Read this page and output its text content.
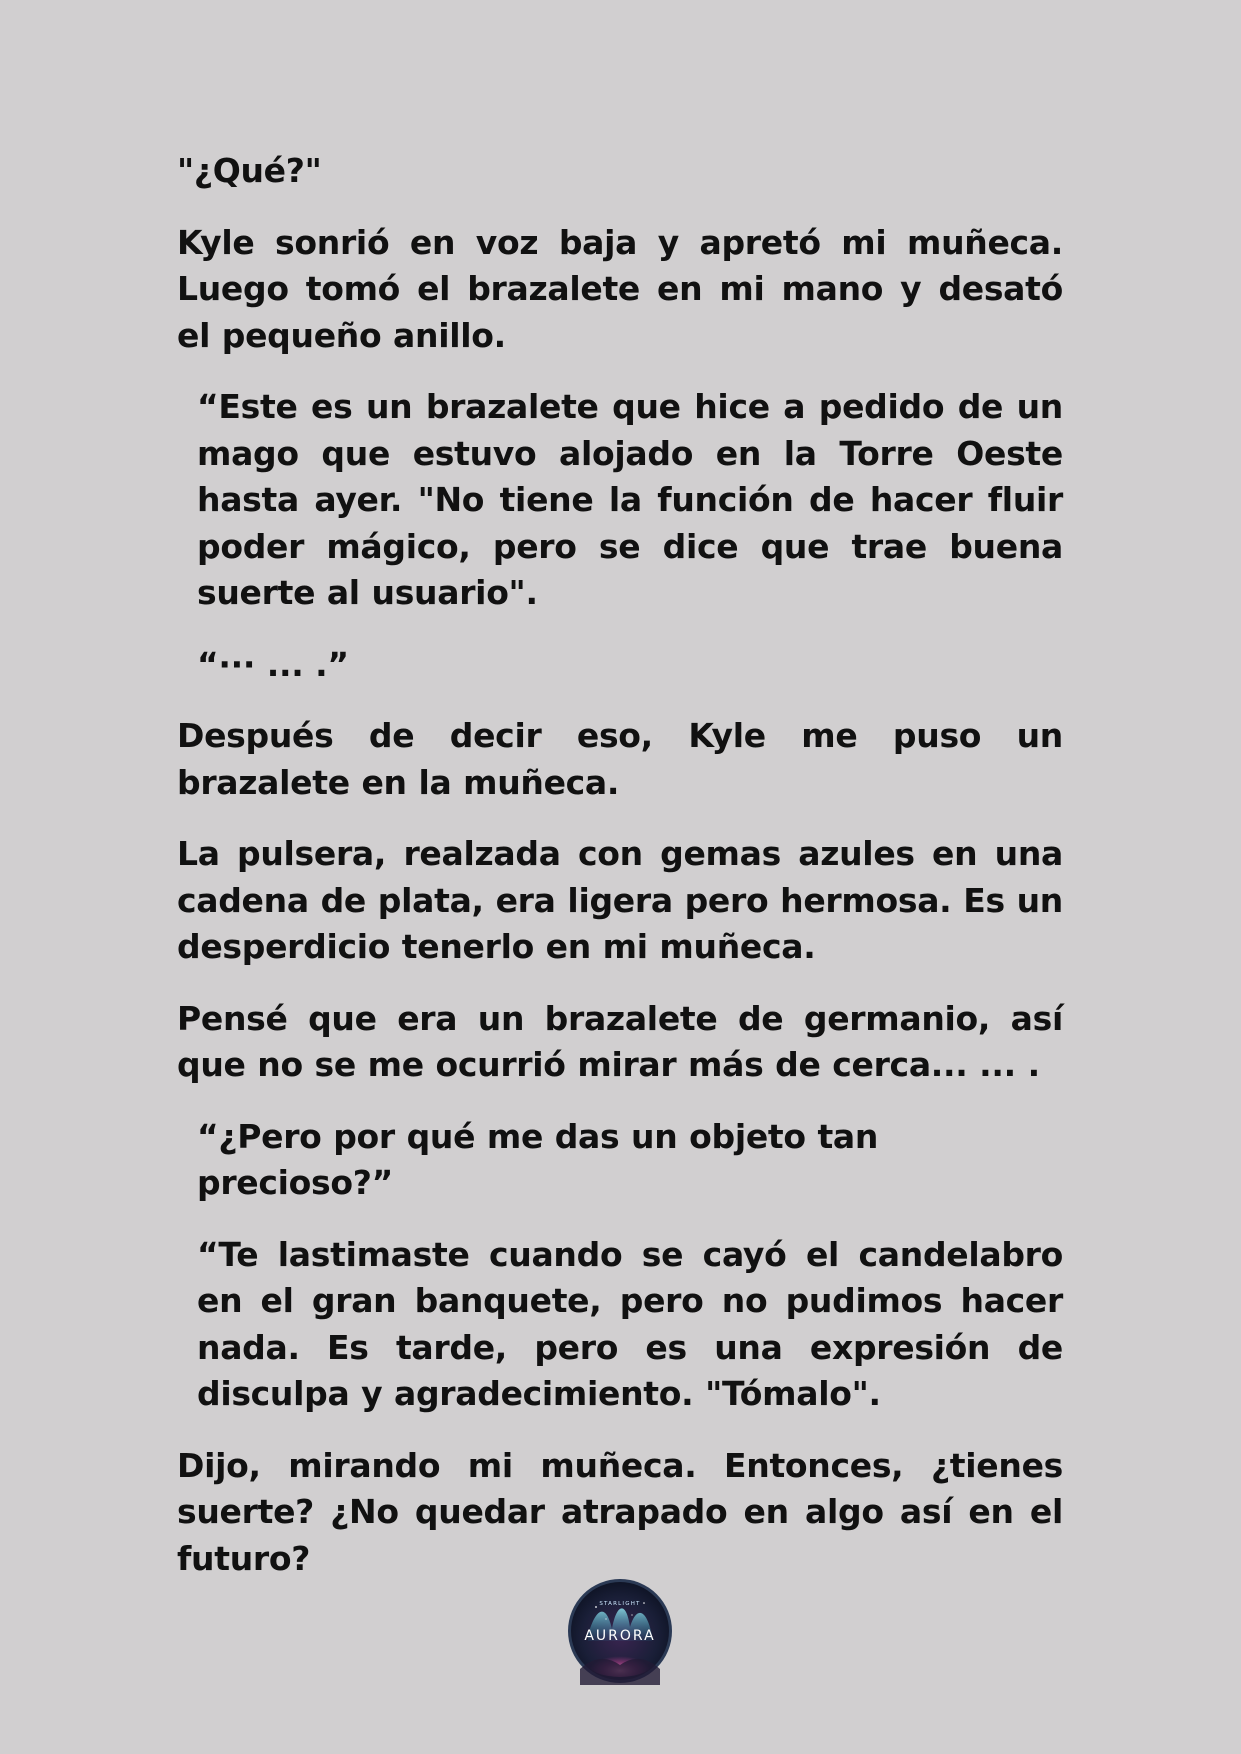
"¿Qué?"

Kyle sonrió en voz baja y apretó mi muñeca. Luego tomó el brazalete en mi mano y desató el pequeño anillo.

“Este es un brazalete que hice a pedido de un mago que estuvo alojado en la Torre Oeste hasta ayer. "No tiene la función de hacer fluir poder mágico, pero se dice que trae buena suerte al usuario".

“··· ... .”

Después de decir eso, Kyle me puso un brazalete en la muñeca.

La pulsera, realzada con gemas azules en una cadena de plata, era ligera pero hermosa. Es un desperdicio tenerlo en mi muñeca.

Pensé que era un brazalete de germanio, así que no se me ocurrió mirar más de cerca... ... .

“¿Pero por qué me das un objeto tan precioso?”

“Te lastimaste cuando se cayó el candelabro en el gran banquete, pero no pudimos hacer nada. Es tarde, pero es una expresión de disculpa y agradecimiento. "Tómalo".

Dijo, mirando mi muñeca. Entonces, ¿tienes suerte? ¿No quedar atrapado en algo así en el futuro?

STARLIGHT
AURORA
